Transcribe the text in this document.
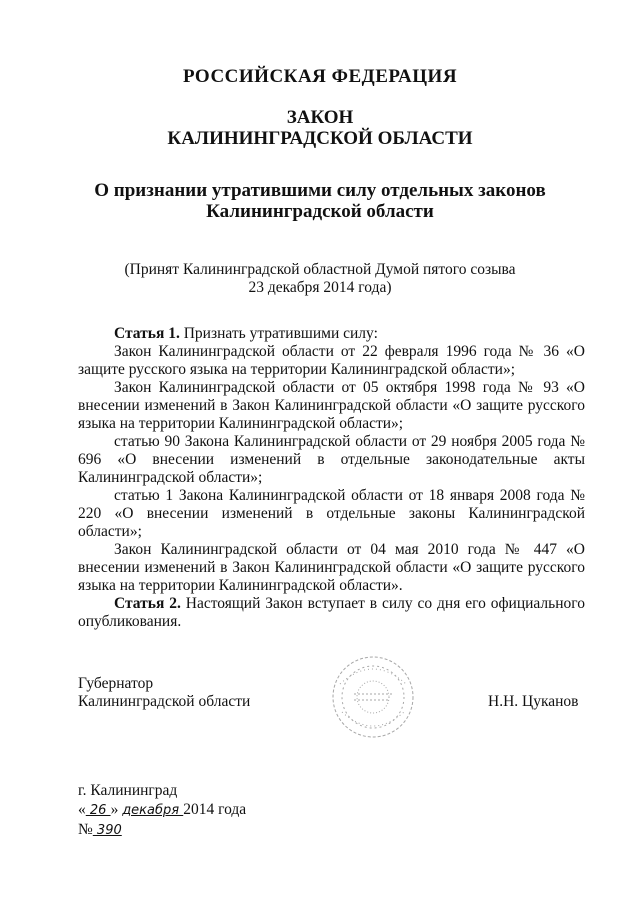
РОССИЙСКАЯ ФЕДЕРАЦИЯ
ЗАКОН
КАЛИНИНГРАДСКОЙ ОБЛАСТИ
О признании утратившими силу отдельных законов
Калининградской области
(Принят Калининградской областной Думой пятого созыва
23 декабря 2014 года)

Статья 1. Признать утратившими силу:

Закон Калининградской области от 22 февраля 1996 года № 36 «О защите русского языка на территории Калининградской области»;

Закон Калининградской области от 05 октября 1998 года № 93 «О внесении изменений в Закон Калининградской области «О защите русского языка на территории Калининградской области»;

статью 90 Закона Калининградской области от 29 ноября 2005 года № 696 «О внесении изменений в отдельные законодательные акты Калининградской области»;

статью 1 Закона Калининградской области от 18 января 2008 года № 220 «О внесении изменений в отдельные законы Калининградской области»;

Закон Калининградской области от 04 мая 2010 года № 447 «О внесении изменений в Закон Калининградской области «О защите русского языка на территории Калининградской области».

Статья 2. Настоящий Закон вступает в силу со дня его официального опубликования.

Губернатор
Калининградской области	Н.Н. Цуканов
г. Калининград
« 26 » декабря 2014 года
№ 390
